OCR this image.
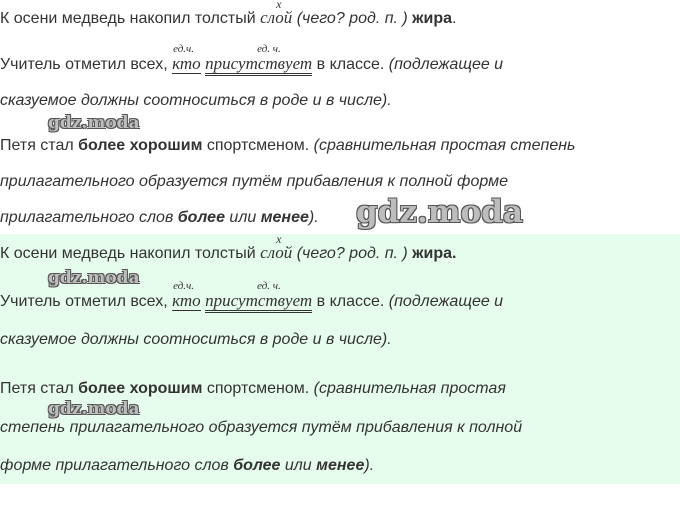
К осени медведь накопил толстый слой
х
(чего? род. п. ) жира.
Учитель отметил всех, кто
ед.ч.
присутствует
ед. ч.
в классе. (подлежащее и
сказуемое должны соотноситься в роде и в числе).
Петя стал более хорошим спортсменом. (сравнительная простая степень
прилагательного образуется путём прибавления к полной форме
прилагательного слов более или менее).
К осени медведь накопил толстый слой
х
(чего? род. п. ) жира.
Учитель отметил всех, кто
ед.ч.
присутствует
ед. ч.
в классе. (подлежащее и
сказуемое должны соотноситься в роде и в числе).
Петя стал более хорошим спортсменом. (сравнительная простая
степень прилагательного образуется путём прибавления к полной
форме прилагательного слов более или менее).
gdz.moda
gdz.moda
gdz.moda
gdz.moda
